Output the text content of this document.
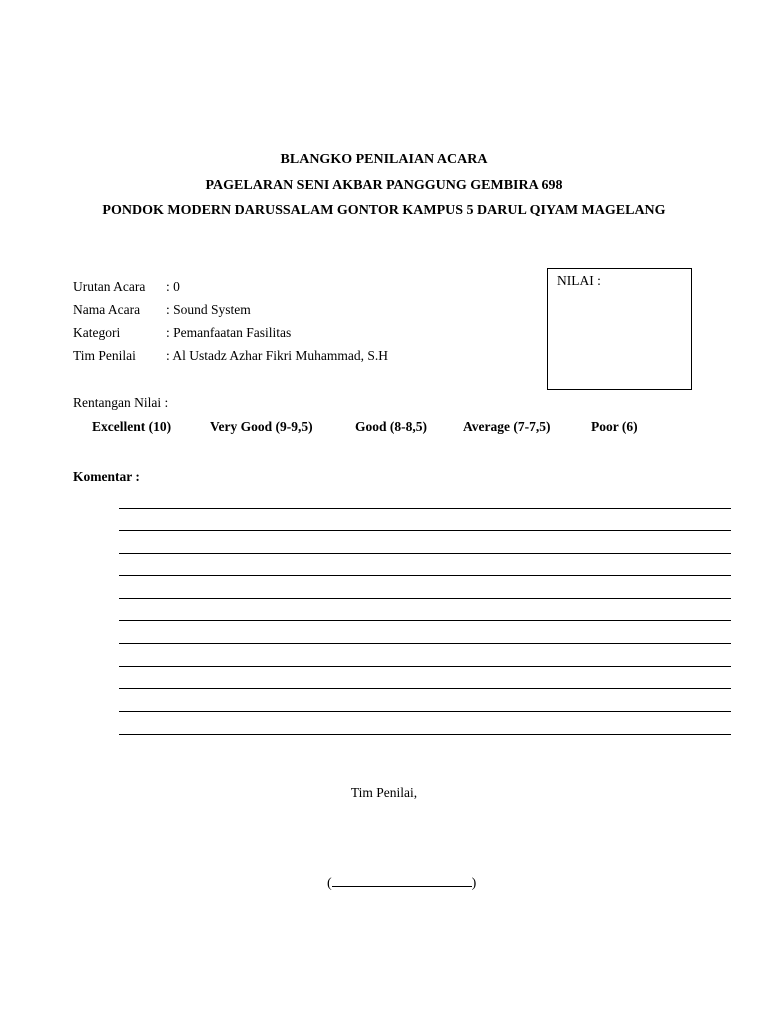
BLANGKO PENILAIAN ACARA
PAGELARAN SENI AKBAR PANGGUNG GEMBIRA 698
PONDOK MODERN DARUSSALAM GONTOR KAMPUS 5 DARUL QIYAM MAGELANG
Urutan Acara : 0
Nama Acara : Sound System
Kategori	: Pemanfaatan Fasilitas
Tim Penilai : Al Ustadz Azhar Fikri Muhammad, S.H
NILAI :
Rentangan Nilai :
Excellent (10)	Very Good (9-9,5)	Good (8-8,5)	Average (7-7,5)	Poor (6)
Komentar :
Tim Penilai,
(	)
